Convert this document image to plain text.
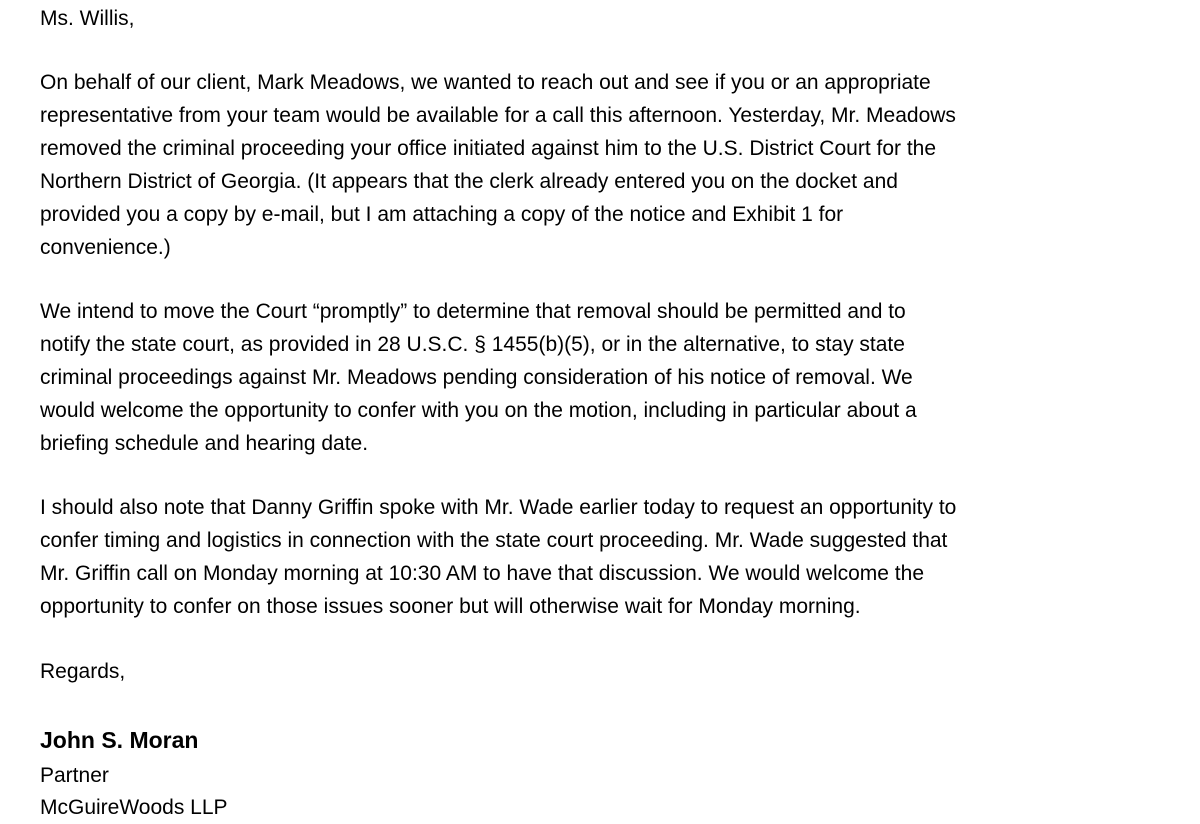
Ms. Willis,
On behalf of our client, Mark Meadows, we wanted to reach out and see if you or an appropriate
representative from your team would be available for a call this afternoon. Yesterday, Mr. Meadows
removed the criminal proceeding your office initiated against him to the U.S. District Court for the
Northern District of Georgia. (It appears that the clerk already entered you on the docket and
provided you a copy by e-mail, but I am attaching a copy of the notice and Exhibit 1 for
convenience.)
We intend to move the Court “promptly” to determine that removal should be permitted and to
notify the state court, as provided in 28 U.S.C. § 1455(b)(5), or in the alternative, to stay state
criminal proceedings against Mr. Meadows pending consideration of his notice of removal. We
would welcome the opportunity to confer with you on the motion, including in particular about a
briefing schedule and hearing date.
I should also note that Danny Griffin spoke with Mr. Wade earlier today to request an opportunity to
confer timing and logistics in connection with the state court proceeding. Mr. Wade suggested that
Mr. Griffin call on Monday morning at 10:30 AM to have that discussion. We would welcome the
opportunity to confer on those issues sooner but will otherwise wait for Monday morning.
Regards,
John S. Moran
Partner
McGuireWoods LLP
